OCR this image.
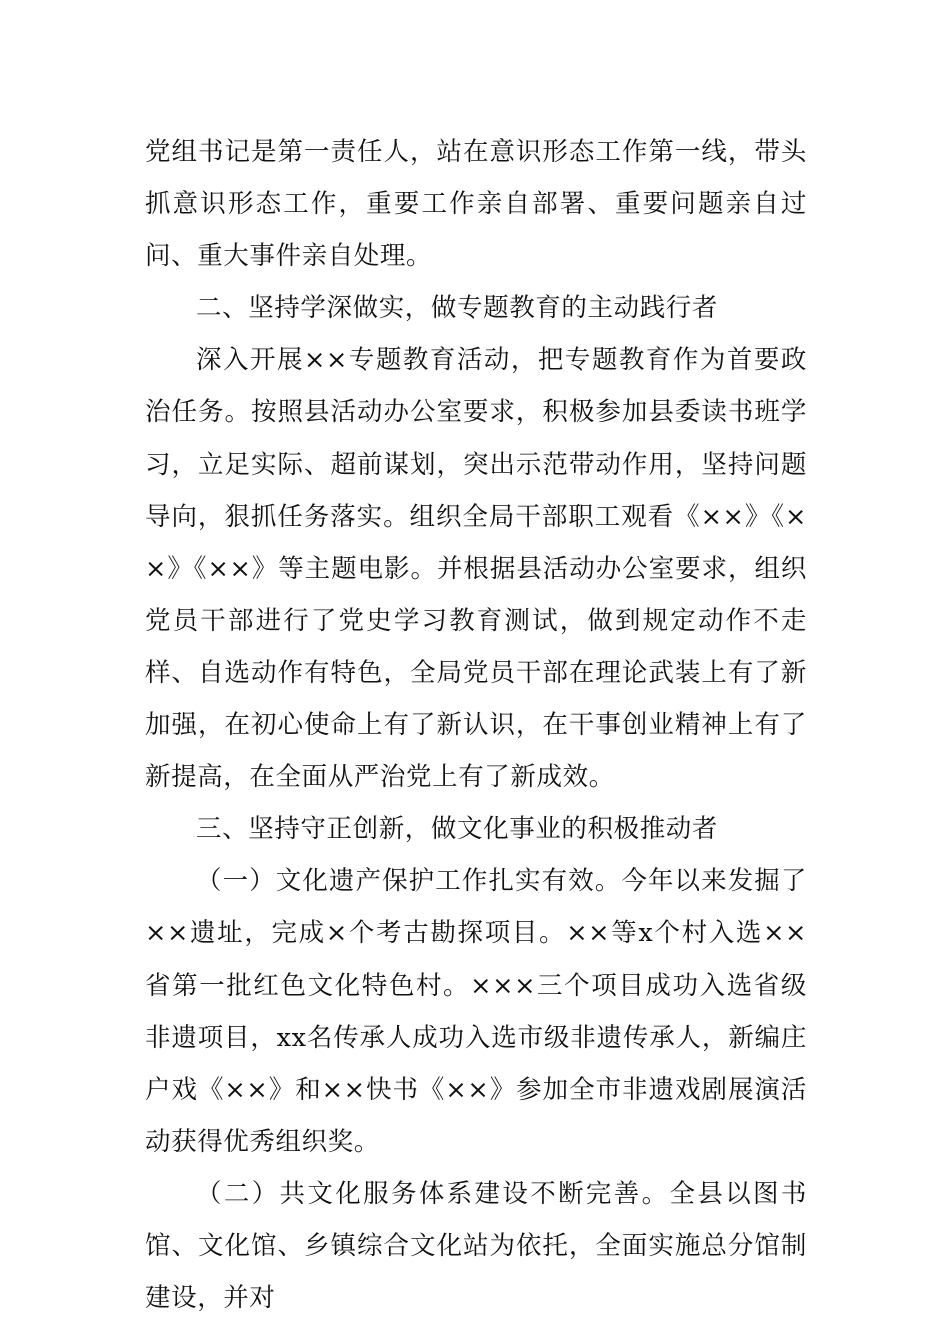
党组书记是第一责任人，站在意识形态工作第一线，带头抓意识形态工作，重要工作亲自部署、重要问题亲自过问、重大事件亲自处理。

二、坚持学深做实，做专题教育的主动践行者

深入开展××专题教育活动，把专题教育作为首要政治任务。按照县活动办公室要求，积极参加县委读书班学习，立足实际、超前谋划，突出示范带动作用，坚持问题导向，狠抓任务落实。组织全局干部职工观看《××》《××》《××》等主题电影。并根据县活动办公室要求，组织党员干部进行了党史学习教育测试，做到规定动作不走样、自选动作有特色，全局党员干部在理论武装上有了新加强，在初心使命上有了新认识，在干事创业精神上有了新提高，在全面从严治党上有了新成效。

三、坚持守正创新，做文化事业的积极推动者

（一）文化遗产保护工作扎实有效。今年以来发掘了××遗址，完成×个考古勘探项目。××等x个村入选××省第一批红色文化特色村。×××三个项目成功入选省级非遗项目，xx名传承人成功入选市级非遗传承人，新编庄户戏《××》和××快书《××》参加全市非遗戏剧展演活动获得优秀组织奖。

（二）共文化服务体系建设不断完善。全县以图书馆、文化馆、乡镇综合文化站为依托，全面实施总分馆制建设，并对
